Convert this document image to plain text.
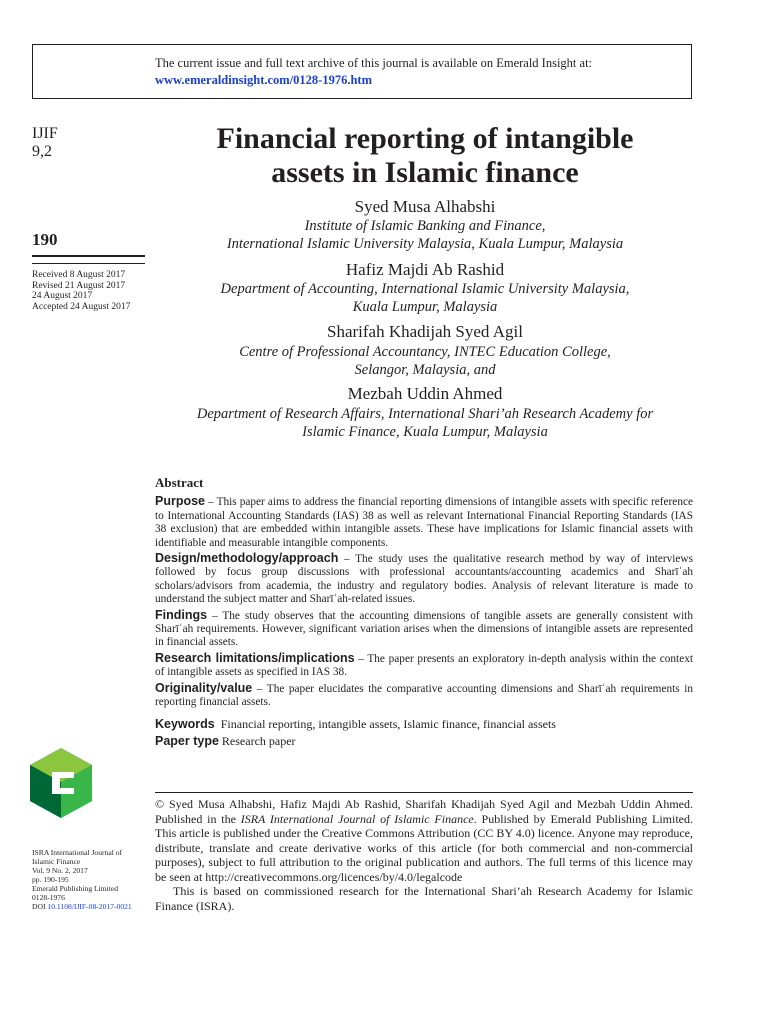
The current issue and full text archive of this journal is available on Emerald Insight at:
www.emeraldinsight.com/0128-1976.htm
IJIF
9,2
190
Received 8 August 2017
Revised 21 August 2017
24 August 2017
Accepted 24 August 2017
ISRA International Journal of
Islamic Finance
Vol. 9 No. 2, 2017
pp. 190-195
Emerald Publishing Limited
0128-1976
DOI 10.1108/IJIF-08-2017-0021
Financial reporting of intangible
assets in Islamic finance
Syed Musa Alhabshi
Institute of Islamic Banking and Finance,
International Islamic University Malaysia, Kuala Lumpur, Malaysia
Hafiz Majdi Ab Rashid
Department of Accounting, International Islamic University Malaysia,
Kuala Lumpur, Malaysia
Sharifah Khadijah Syed Agil
Centre of Professional Accountancy, INTEC Education College,
Selangor, Malaysia, and
Mezbah Uddin Ahmed
Department of Research Affairs, International Shari’ah Research Academy for
Islamic Finance, Kuala Lumpur, Malaysia
Abstract

Purpose – This paper aims to address the financial reporting dimensions of intangible assets with specific reference to International Accounting Standards (IAS) 38 as well as relevant International Financial Reporting Standards (IAS 38 exclusion) that are embedded within intangible assets. These have implications for Islamic financial assets with identifiable and measurable intangible components.

Design/methodology/approach – The study uses the qualitative research method by way of interviews followed by focus group discussions with professional accountants/accounting academics and Sharīʿah scholars/advisors from academia, the industry and regulatory bodies. Analysis of relevant literature is made to understand the subject matter and Sharīʿah-related issues.

Findings – The study observes that the accounting dimensions of tangible assets are generally consistent with Sharīʿah requirements. However, significant variation arises when the dimensions of intangible assets are represented in financial assets.

Research limitations/implications – The paper presents an exploratory in-depth analysis within the context of intangible assets as specified in IAS 38.

Originality/value – The paper elucidates the comparative accounting dimensions and Sharīʿah requirements in reporting financial assets.

Keywords Financial reporting, intangible assets, Islamic finance, financial assets

Paper type Research paper

© Syed Musa Alhabshi, Hafiz Majdi Ab Rashid, Sharifah Khadijah Syed Agil and Mezbah Uddin Ahmed. Published in the ISRA International Journal of Islamic Finance. Published by Emerald Publishing Limited. This article is published under the Creative Commons Attribution (CC BY 4.0) licence. Anyone may reproduce, distribute, translate and create derivative works of this article (for both commercial and non-commercial purposes), subject to full attribution to the original publication and authors. The full terms of this licence may be seen at http://creativecommons.org/licences/by/4.0/legalcode

This is based on commissioned research for the International Shari’ah Research Academy for Islamic Finance (ISRA).
